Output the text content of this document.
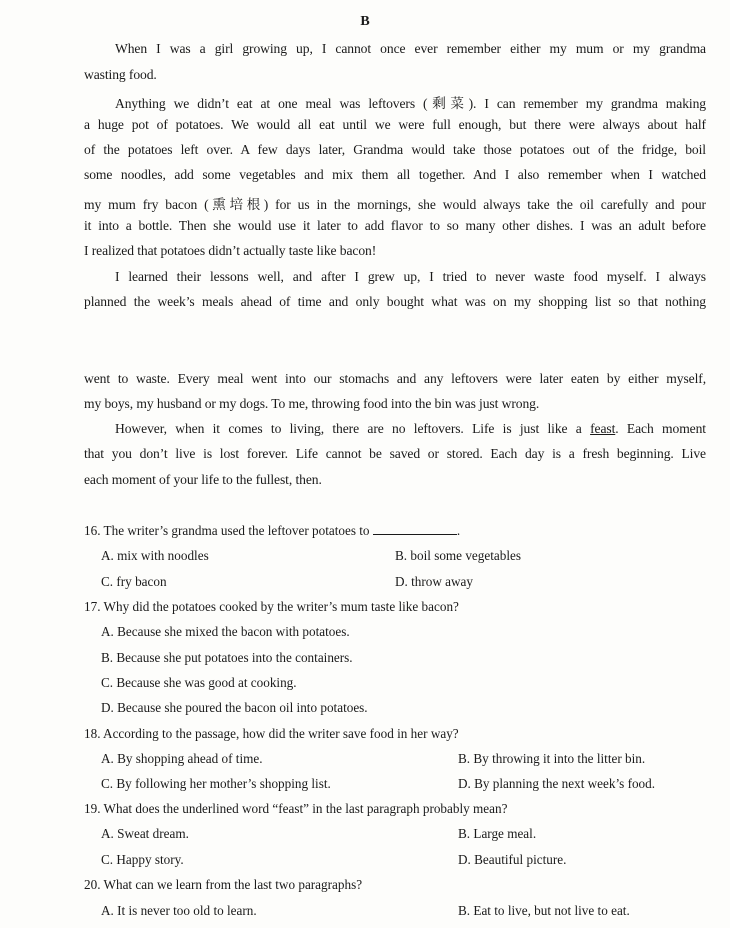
B
When I was a girl growing up, I cannot once ever remember either my mum or my grandma
wasting food.
Anything we didn’t eat at one meal was leftovers (剩菜). I can remember my grandma making
a huge pot of potatoes. We would all eat until we were full enough, but there were always about half
of the potatoes left over. A few days later, Grandma would take those potatoes out of the fridge, boil
some noodles, add some vegetables and mix them all together. And I also remember when I watched
my mum fry bacon (熏培根) for us in the mornings, she would always take the oil carefully and pour
it into a bottle. Then she would use it later to add flavor to so many other dishes. I was an adult before
I realized that potatoes didn’t actually taste like bacon!
I learned their lessons well, and after I grew up, I tried to never waste food myself. I always
planned the week’s meals ahead of time and only bought what was on my shopping list so that nothing
went to waste. Every meal went into our stomachs and any leftovers were later eaten by either myself,
my boys, my husband or my dogs. To me, throwing food into the bin was just wrong.
However, when it comes to living, there are no leftovers. Life is just like a feast. Each moment
that you don’t live is lost forever. Life cannot be saved or stored. Each day is a fresh beginning. Live
each moment of your life to the fullest, then.
16. The writer’s grandma used the leftover potatoes to	.
A. mix with noodles	B. boil some vegetables
C. fry bacon	D. throw away
17. Why did the potatoes cooked by the writer’s mum taste like bacon?
A. Because she mixed the bacon with potatoes.
B. Because she put potatoes into the containers.
C. Because she was good at cooking.
D. Because she poured the bacon oil into potatoes.
18. According to the passage, how did the writer save food in her way?
A. By shopping ahead of time.	B. By throwing it into the litter bin.
C. By following her mother’s shopping list.	D. By planning the next week’s food.
19. What does the underlined word “feast” in the last paragraph probably mean?
A. Sweat dream.	B. Large meal.
C. Happy story.	D. Beautiful picture.
20. What can we learn from the last two paragraphs?
A. It is never too old to learn.	B. Eat to live, but not live to eat.
